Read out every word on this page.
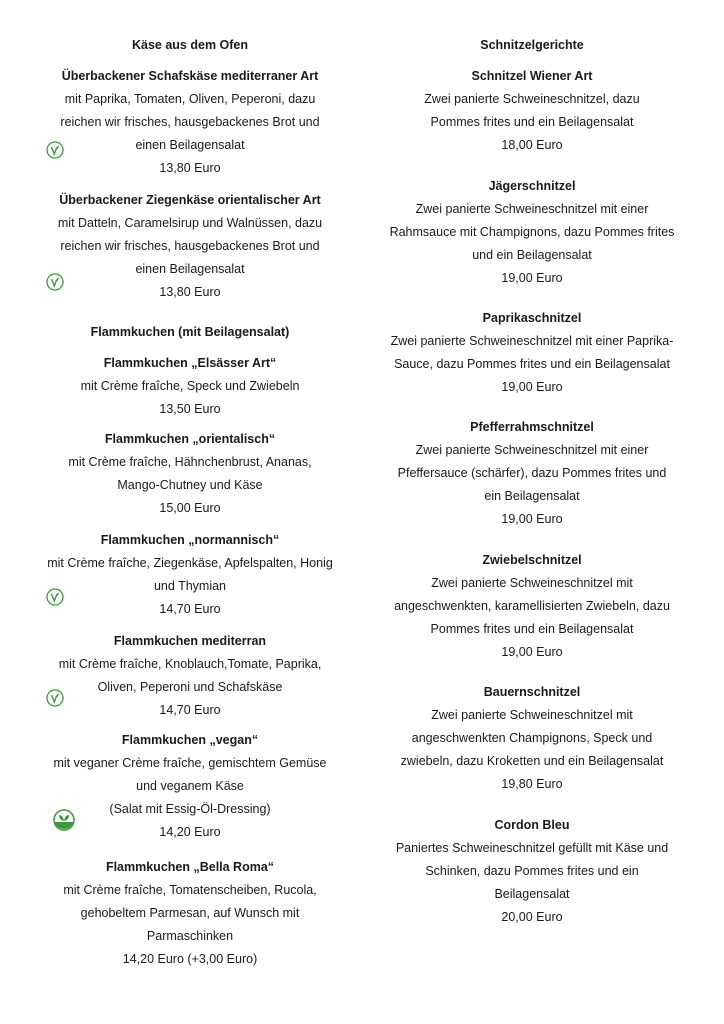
Käse aus dem Ofen
Überbackener Schafskäse mediterraner Art
mit Paprika, Tomaten, Oliven, Peperoni, dazu
reichen wir frisches, hausgebackenes Brot und
einen Beilagensalat
13,80 Euro
Überbackener Ziegenkäse orientalischer Art
mit Datteln, Caramelsirup und Walnüssen, dazu
reichen wir frisches, hausgebackenes Brot und
einen Beilagensalat
13,80 Euro
Flammkuchen (mit Beilagensalat)
Flammkuchen „Elsässer Art“
mit Crème fraîche, Speck und Zwiebeln
13,50 Euro
Flammkuchen „orientalisch“
mit Crème fraîche, Hähnchenbrust, Ananas,
Mango-Chutney und Käse
15,00 Euro
Flammkuchen „normannisch“
mit Crème fraîche, Ziegenkäse, Apfelspalten, Honig
und Thymian
14,70 Euro
Flammkuchen mediterran
mit Crème fraîche, Knoblauch,Tomate, Paprika,
Oliven, Peperoni und Schafskäse
14,70 Euro
Flammkuchen „vegan“
mit veganer Crème fraîche, gemischtem Gemüse
und veganem Käse
(Salat mit Essig-Öl-Dressing)
14,20 Euro
Flammkuchen „Bella Roma“
mit Crème fraîche, Tomatenscheiben, Rucola,
gehobeltem Parmesan, auf Wunsch mit
Parmaschinken
14,20 Euro (+3,00 Euro)
Schnitzelgerichte
Schnitzel Wiener Art
Zwei panierte Schweineschnitzel, dazu
Pommes frites und ein Beilagensalat
18,00 Euro
Jägerschnitzel
Zwei panierte Schweineschnitzel mit einer
Rahmsauce mit Champignons, dazu Pommes frites
und ein Beilagensalat
19,00 Euro
Paprikaschnitzel
Zwei panierte Schweineschnitzel mit einer Paprika-
Sauce, dazu Pommes frites und ein Beilagensalat
19,00 Euro
Pfefferrahmschnitzel
Zwei panierte Schweineschnitzel mit einer
Pfeffersauce (schärfer), dazu Pommes frites und
ein Beilagensalat
19,00 Euro
Zwiebelschnitzel
Zwei panierte Schweineschnitzel mit
angeschwenkten, karamellisierten Zwiebeln, dazu
Pommes frites und ein Beilagensalat
19,00 Euro
Bauernschnitzel
Zwei panierte Schweineschnitzel mit
angeschwenkten Champignons, Speck und
zwiebeln, dazu Kroketten und ein Beilagensalat
19,80 Euro
Cordon Bleu
Paniertes Schweineschnitzel gefüllt mit Käse und
Schinken, dazu Pommes frites und ein
Beilagensalat
20,00 Euro
